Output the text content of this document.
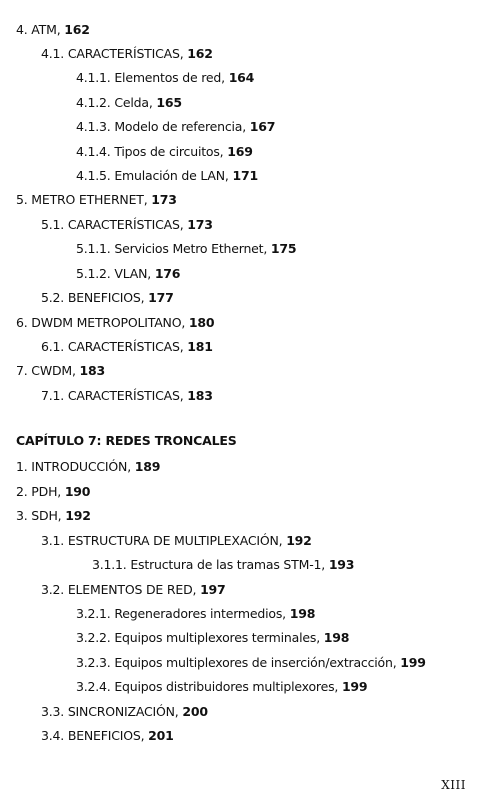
4. ATM, 162
4.1. CARACTERÍSTICAS, 162
4.1.1. Elementos de red, 164
4.1.2. Celda, 165
4.1.3. Modelo de referencia, 167
4.1.4. Tipos de circuitos, 169
4.1.5. Emulación de LAN, 171
5. METRO ETHERNET, 173
5.1. CARACTERÍSTICAS, 173
5.1.1. Servicios Metro Ethernet, 175
5.1.2. VLAN, 176
5.2. BENEFICIOS, 177
6. DWDM METROPOLITANO, 180
6.1. CARACTERÍSTICAS, 181
7. CWDM, 183
7.1. CARACTERÍSTICAS, 183
CAPÍTULO 7: REDES TRONCALES
1. INTRODUCCIÓN, 189
2. PDH, 190
3. SDH, 192
3.1. ESTRUCTURA DE MULTIPLEXACIÓN, 192
3.1.1. Estructura de las tramas STM-1, 193
3.2. ELEMENTOS DE RED, 197
3.2.1. Regeneradores intermedios, 198
3.2.2. Equipos multiplexores terminales, 198
3.2.3. Equipos multiplexores de inserción/extracción, 199
3.2.4. Equipos distribuidores multiplexores, 199
3.3. SINCRONIZACIÓN, 200
3.4. BENEFICIOS, 201
XIII
